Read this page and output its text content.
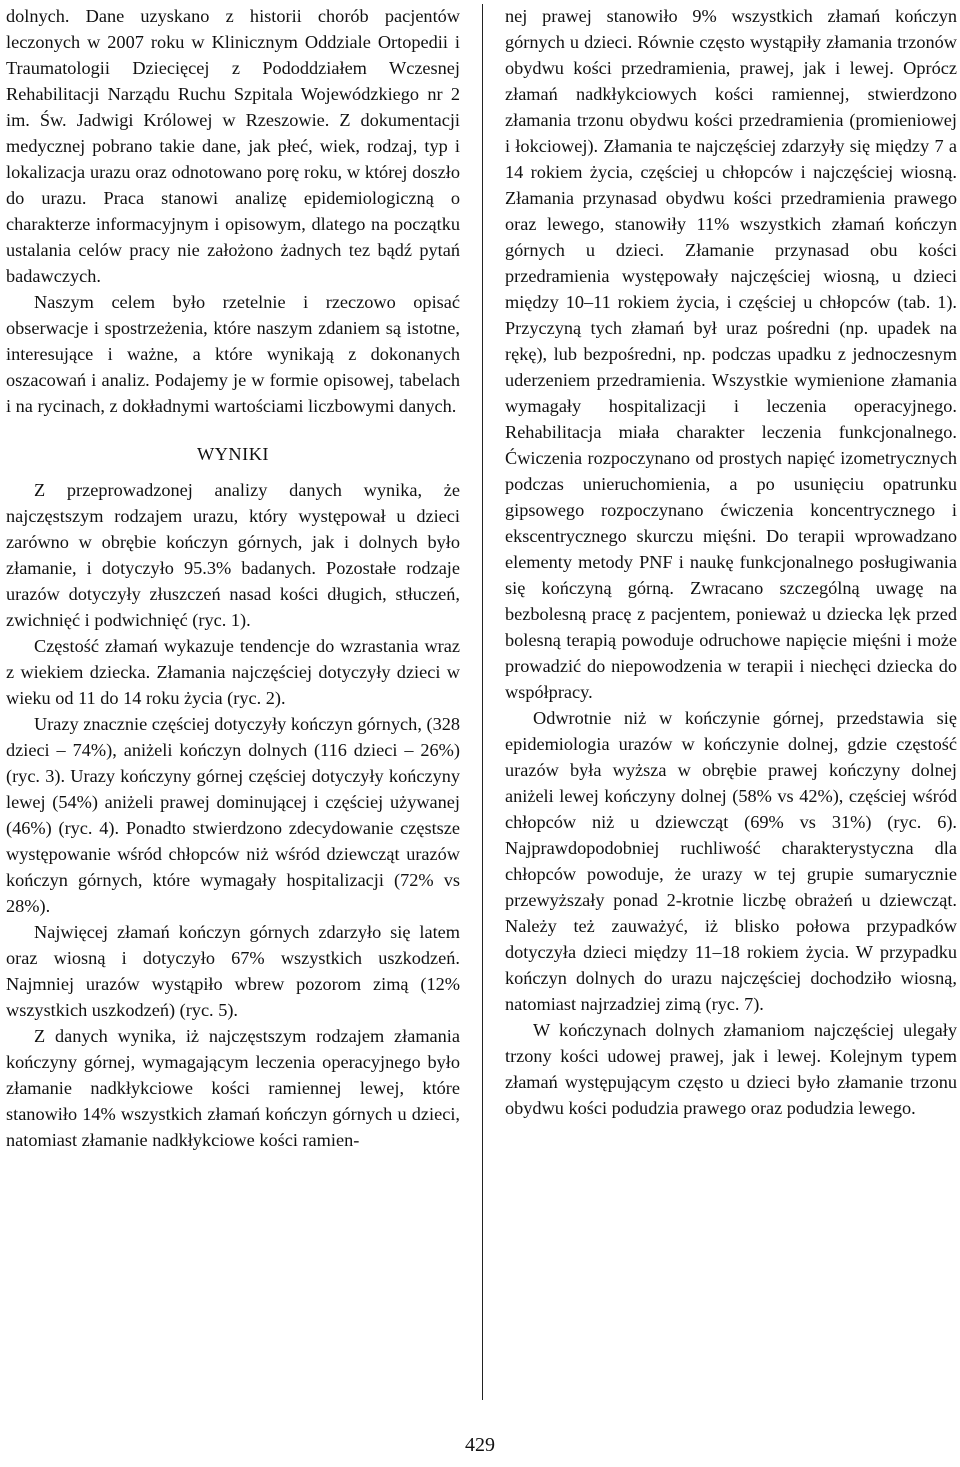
dolnych. Dane uzyskano z historii chorób pacjentów leczonych w 2007 roku w Klinicznym Oddziale Ortopedii i Traumatologii Dziecięcej z Pododdziałem Wczesnej Rehabilitacji Narządu Ruchu Szpitala Wojewódzkiego nr 2 im. Św. Jadwigi Królowej w Rzeszowie. Z dokumentacji medycznej pobrano takie dane, jak płeć, wiek, rodzaj, typ i lokalizacja urazu oraz odnotowano porę roku, w której doszło do urazu. Praca stanowi analizę epidemiologiczną o charakterze informacyjnym i opisowym, dlatego na początku ustalania celów pracy nie założono żadnych tez bądź pytań badawczych.

Naszym celem było rzetelnie i rzeczowo opisać obserwacje i spostrzeżenia, które naszym zdaniem są istotne, interesujące i ważne, a które wynikają z dokonanych oszacowań i analiz. Podajemy je w formie opisowej, tabelach i na rycinach, z dokładnymi wartościami liczbowymi danych.

WYNIKI

Z przeprowadzonej analizy danych wynika, że najczęstszym rodzajem urazu, który występował u dzieci zarówno w obrębie kończyn górnych, jak i dolnych było złamanie, i dotyczyło 95.3% badanych. Pozostałe rodzaje urazów dotyczyły złuszczeń nasad kości długich, stłuczeń, zwichnięć i podwichnięć (ryc. 1).

Częstość złamań wykazuje tendencje do wzrastania wraz z wiekiem dziecka. Złamania najczęściej dotyczyły dzieci w wieku od 11 do 14 roku życia (ryc. 2).

Urazy znacznie częściej dotyczyły kończyn górnych, (328 dzieci – 74%), aniżeli kończyn dolnych (116 dzieci – 26%) (ryc. 3). Urazy kończyny górnej częściej dotyczyły kończyny lewej (54%) aniżeli prawej dominującej i częściej używanej (46%) (ryc. 4). Ponadto stwierdzono zdecydowanie częstsze występowanie wśród chłopców niż wśród dziewcząt urazów kończyn górnych, które wymagały hospitalizacji (72% vs 28%).

Najwięcej złamań kończyn górnych zdarzyło się latem oraz wiosną i dotyczyło 67% wszystkich uszkodzeń. Najmniej urazów wystąpiło wbrew pozorom zimą (12% wszystkich uszkodzeń) (ryc. 5).

Z danych wynika, iż najczęstszym rodzajem złamania kończyny górnej, wymagającym leczenia operacyjnego było złamanie nadkłykciowe kości ramiennej lewej, które stanowiło 14% wszystkich złamań kończyn górnych u dzieci, natomiast złamanie nadkłykciowe kości ramien-

nej prawej stanowiło 9% wszystkich złamań kończyn górnych u dzieci. Równie często wystąpiły złamania trzonów obydwu kości przedramienia, prawej, jak i lewej. Oprócz złamań nadkłykciowych kości ramiennej, stwierdzono złamania trzonu obydwu kości przedramienia (promieniowej i łokciowej). Złamania te najczęściej zdarzyły się między 7 a 14 rokiem życia, częściej u chłopców i najczęściej wiosną. Złamania przynasad obydwu kości przedramienia prawego oraz lewego, stanowiły 11% wszystkich złamań kończyn górnych u dzieci. Złamanie przynasad obu kości przedramienia występowały najczęściej wiosną, u dzieci między 10–11 rokiem życia, i częściej u chłopców (tab. 1). Przyczyną tych złamań był uraz pośredni (np. upadek na rękę), lub bezpośredni, np. podczas upadku z jednoczesnym uderzeniem przedramienia. Wszystkie wymienione złamania wymagały hospitalizacji i leczenia operacyjnego. Rehabilitacja miała charakter leczenia funkcjonalnego. Ćwiczenia rozpoczynano od prostych napięć izometrycznych podczas unieruchomienia, a po usunięciu opatrunku gipsowego rozpoczynano ćwiczenia koncentrycznego i ekscentrycznego skurczu mięśni. Do terapii wprowadzano elementy metody PNF i naukę funkcjonalnego posługiwania się kończyną górną. Zwracano szczególną uwagę na bezbolesną pracę z pacjentem, ponieważ u dziecka lęk przed bolesną terapią powoduje odruchowe napięcie mięśni i może prowadzić do niepowodzenia w terapii i niechęci dziecka do współpracy.

Odwrotnie niż w kończynie górnej, przedstawia się epidemiologia urazów w kończynie dolnej, gdzie częstość urazów była wyższa w obrębie prawej kończyny dolnej aniżeli lewej kończyny dolnej (58% vs 42%), częściej wśród chłopców niż u dziewcząt (69% vs 31%) (ryc. 6). Najprawdopodobniej ruchliwość charakterystyczna dla chłopców powoduje, że urazy w tej grupie sumarycznie przewyższały ponad 2-krotnie liczbę obrażeń u dziewcząt. Należy też zauważyć, iż blisko połowa przypadków dotyczyła dzieci między 11–18 rokiem życia. W przypadku kończyn dolnych do urazu najczęściej dochodziło wiosną, natomiast najrzadziej zimą (ryc. 7).

W kończynach dolnych złamaniom najczęściej ulegały trzony kości udowej prawej, jak i lewej. Kolejnym typem złamań występującym często u dzieci było złamanie trzonu obydwu kości podudzia prawego oraz podudzia lewego.

429
